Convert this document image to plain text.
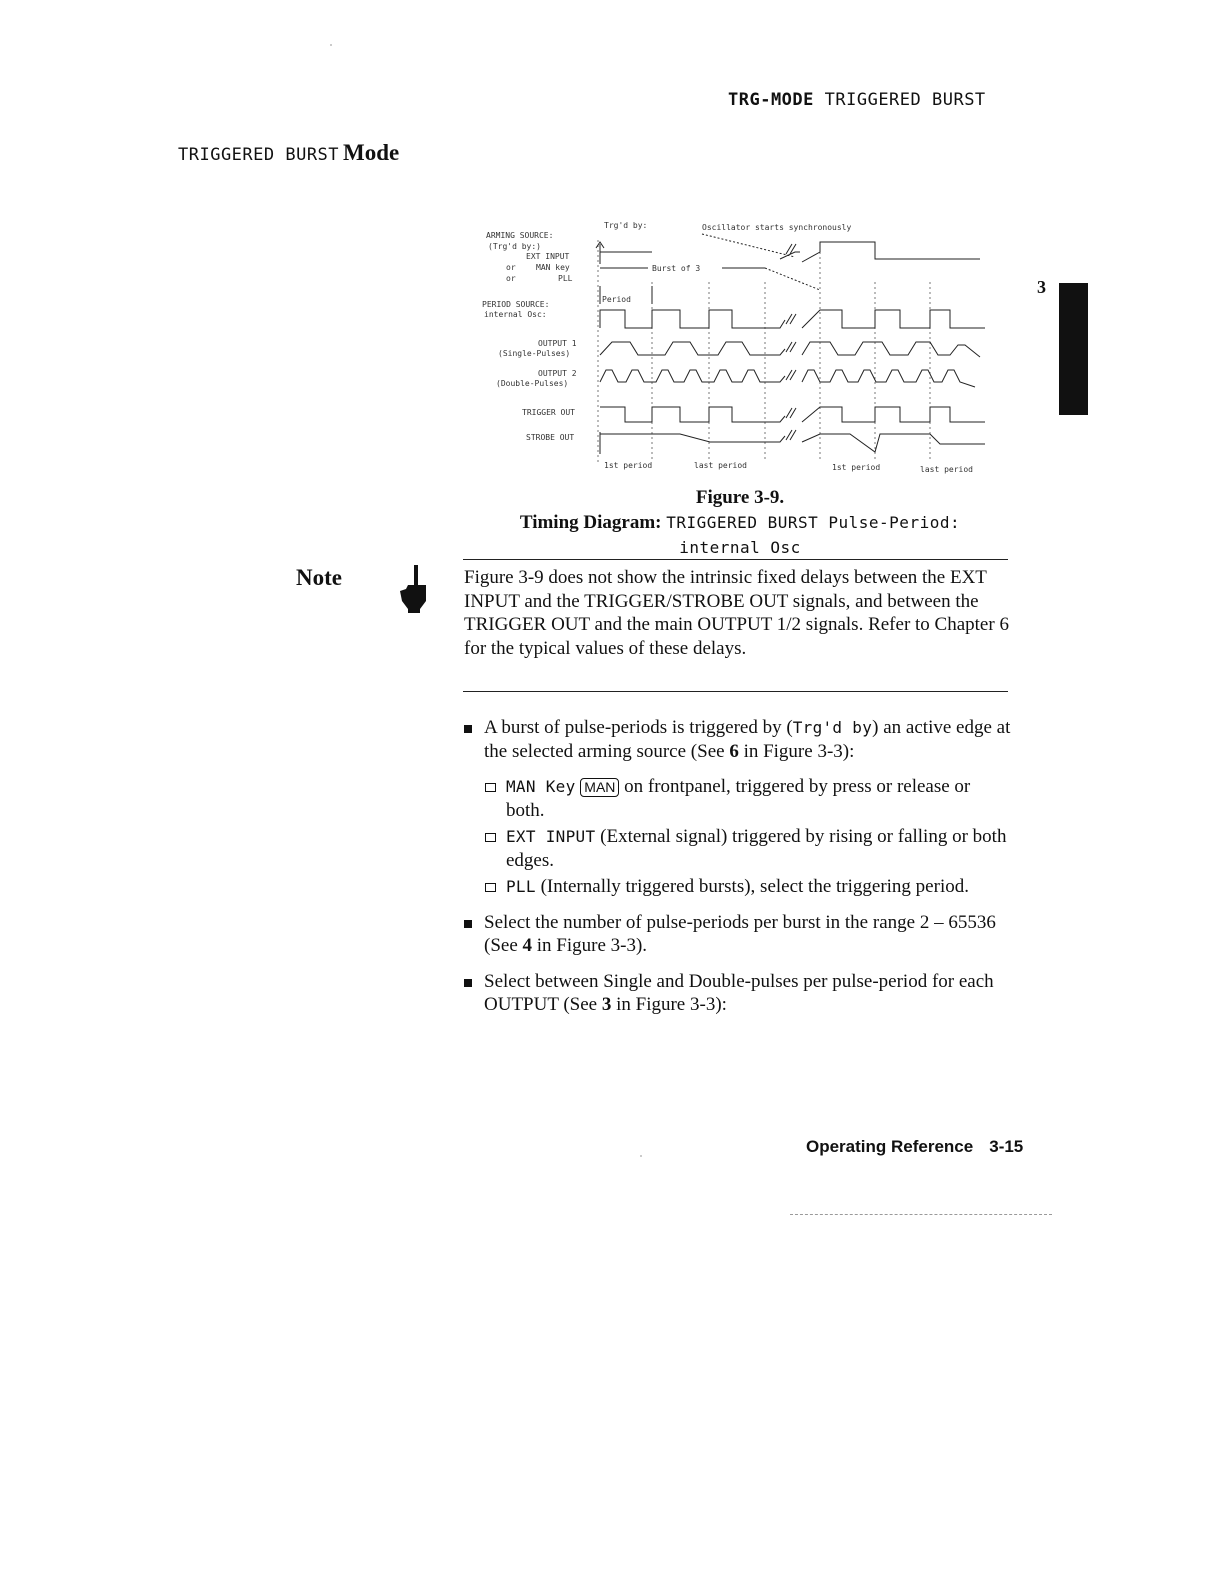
TRG-MODE TRIGGERED BURST
TRIGGERED BURST Mode
3
ARMING SOURCE:
(Trg'd by:)
EXT INPUT
or	MAN key
or	PLL
PERIOD SOURCE:
internal Osc:
OUTPUT 1
(Single-Pulses)
OUTPUT 2
(Double-Pulses)
TRIGGER OUT
STROBE OUT
Trg'd by:	Oscillator starts synchronously
Burst of 3
Period
1st period	last period	1st period	last period
Figure 3-9.
Timing Diagram: TRIGGERED BURST Pulse-Period:
internal Osc
Note	Figure 3-9 does not show the intrinsic fixed delays between the EXT INPUT and the TRIGGER/STROBE OUT signals, and between the TRIGGER OUT and the main OUTPUT 1/2 signals. Refer to Chapter 6 for the typical values of these delays.

A burst of pulse-periods is triggered by (Trg'd by) an active edge at the selected arming source (See 6 in Figure 3-3):
MAN Key MAN on frontpanel, triggered by press or release or both.
EXT INPUT (External signal) triggered by rising or falling or both edges.
PLL (Internally triggered bursts), select the triggering period.
Select the number of pulse-periods per burst in the range 2 – 65536 (See 4 in Figure 3-3).
Select between Single and Double-pulses per pulse-period for each OUTPUT (See 3 in Figure 3-3):
Operating Reference 3-15
